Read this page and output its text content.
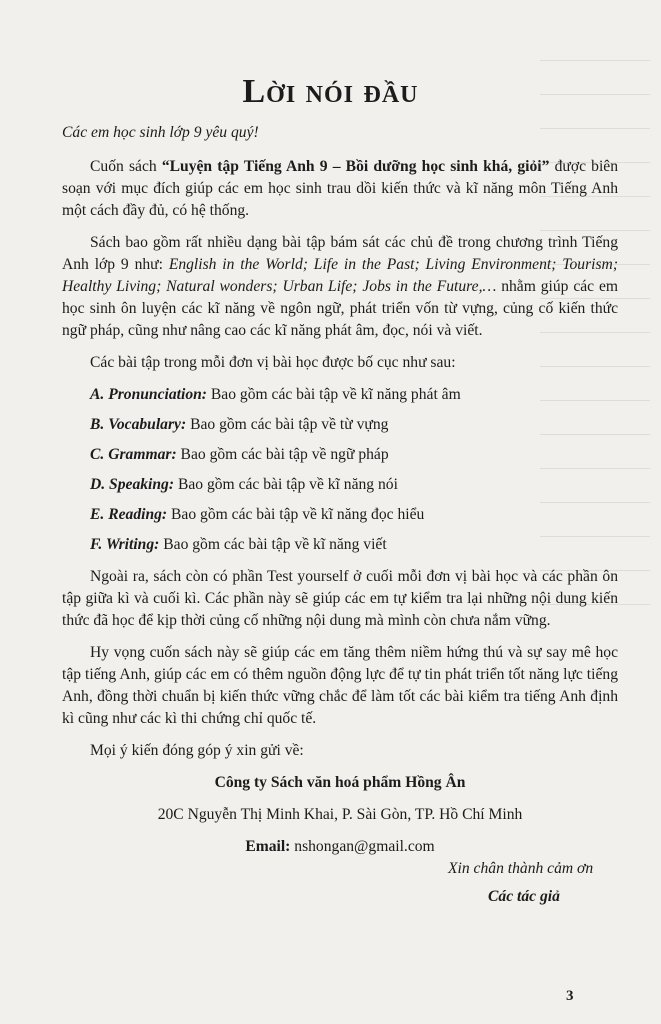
Lời nói đầu

Các em học sinh lớp 9 yêu quý!

Cuốn sách “Luyện tập Tiếng Anh 9 – Bồi dưỡng học sinh khá, giỏi” được biên soạn với mục đích giúp các em học sinh trau dồi kiến thức và kĩ năng môn Tiếng Anh một cách đầy đủ, có hệ thống.

Sách bao gồm rất nhiều dạng bài tập bám sát các chủ đề trong chương trình Tiếng Anh lớp 9 như: English in the World; Life in the Past; Living Environment; Tourism; Healthy Living; Natural wonders; Urban Life; Jobs in the Future,… nhằm giúp các em học sinh ôn luyện các kĩ năng về ngôn ngữ, phát triển vốn từ vựng, củng cố kiến thức ngữ pháp, cũng như nâng cao các kĩ năng phát âm, đọc, nói và viết.

Các bài tập trong mỗi đơn vị bài học được bố cục như sau:

A. Pronunciation: Bao gồm các bài tập về kĩ năng phát âm
B. Vocabulary: Bao gồm các bài tập về từ vựng
C. Grammar: Bao gồm các bài tập về ngữ pháp
D. Speaking: Bao gồm các bài tập về kĩ năng nói
E. Reading: Bao gồm các bài tập về kĩ năng đọc hiểu
F. Writing: Bao gồm các bài tập về kĩ năng viết

Ngoài ra, sách còn có phần Test yourself ở cuối mỗi đơn vị bài học và các phần ôn tập giữa kì và cuối kì. Các phần này sẽ giúp các em tự kiểm tra lại những nội dung kiến thức đã học để kịp thời củng cố những nội dung mà mình còn chưa nắm vững.

Hy vọng cuốn sách này sẽ giúp các em tăng thêm niềm hứng thú và sự say mê học tập tiếng Anh, giúp các em có thêm nguồn động lực để tự tin phát triển tốt năng lực tiếng Anh, đồng thời chuẩn bị kiến thức vững chắc để làm tốt các bài kiểm tra tiếng Anh định kì cũng như các kì thi chứng chỉ quốc tế.

Mọi ý kiến đóng góp ý xin gửi về:

Công ty Sách văn hoá phẩm Hồng Ân

20C Nguyễn Thị Minh Khai, P. Sài Gòn, TP. Hồ Chí Minh

Email: nshongan@gmail.com

Xin chân thành cảm ơn
Các tác giả
3
